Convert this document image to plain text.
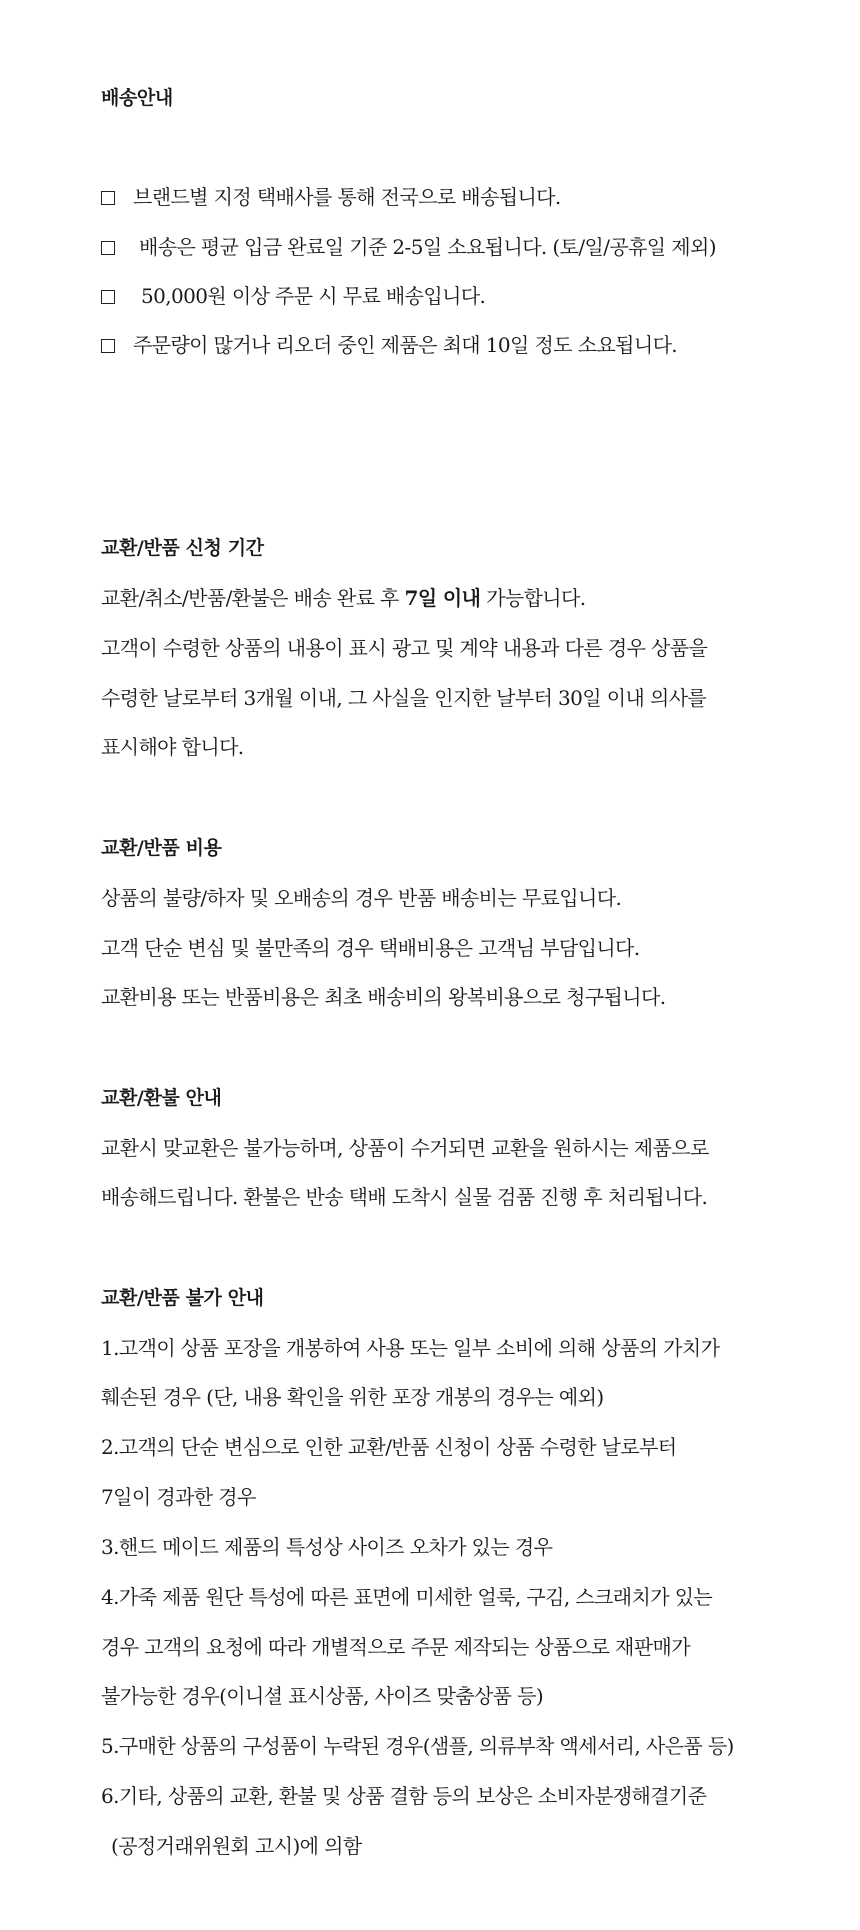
배송안내
브랜드별 지정 택배사를 통해 전국으로 배송됩니다.
배송은 평균 입금 완료일 기준 2-5일 소요됩니다. (토/일/공휴일 제외)
50,000원 이상 주문 시 무료 배송입니다.
주문량이 많거나 리오더 중인 제품은 최대 10일 정도 소요됩니다.
교환/반품 신청 기간
교환/취소/반품/환불은 배송 완료 후 7일 이내 가능합니다.
고객이 수령한 상품의 내용이 표시 광고 및 계약 내용과 다른 경우 상품을
수령한 날로부터 3개월 이내, 그 사실을 인지한 날부터 30일 이내 의사를
표시해야 합니다.
교환/반품 비용
상품의 불량/하자 및 오배송의 경우 반품 배송비는 무료입니다.
고객 단순 변심 및 불만족의 경우 택배비용은 고객님 부담입니다.
교환비용 또는 반품비용은 최초 배송비의 왕복비용으로 청구됩니다.
교환/환불 안내
교환시 맞교환은 불가능하며, 상품이 수거되면 교환을 원하시는 제품으로
배송해드립니다. 환불은 반송 택배 도착시 실물 검품 진행 후 처리됩니다.
교환/반품 불가 안내
1.고객이 상품 포장을 개봉하여 사용 또는 일부 소비에 의해 상품의 가치가
훼손된 경우 (단, 내용 확인을 위한 포장 개봉의 경우는 예외)
2.고객의 단순 변심으로 인한 교환/반품 신청이 상품 수령한 날로부터
7일이 경과한 경우
3.핸드 메이드 제품의 특성상 사이즈 오차가 있는 경우
4.가죽 제품 원단 특성에 따른 표면에 미세한 얼룩, 구김, 스크래치가 있는
경우 고객의 요청에 따라 개별적으로 주문 제작되는 상품으로 재판매가
불가능한 경우(이니셜 표시상품, 사이즈 맞춤상품 등)
5.구매한 상품의 구성품이 누락된 경우(샘플, 의류부착 액세서리, 사은품 등)
6.기타, 상품의 교환, 환불 및 상품 결함 등의 보상은 소비자분쟁해결기준
(공정거래위원회 고시)에 의함
